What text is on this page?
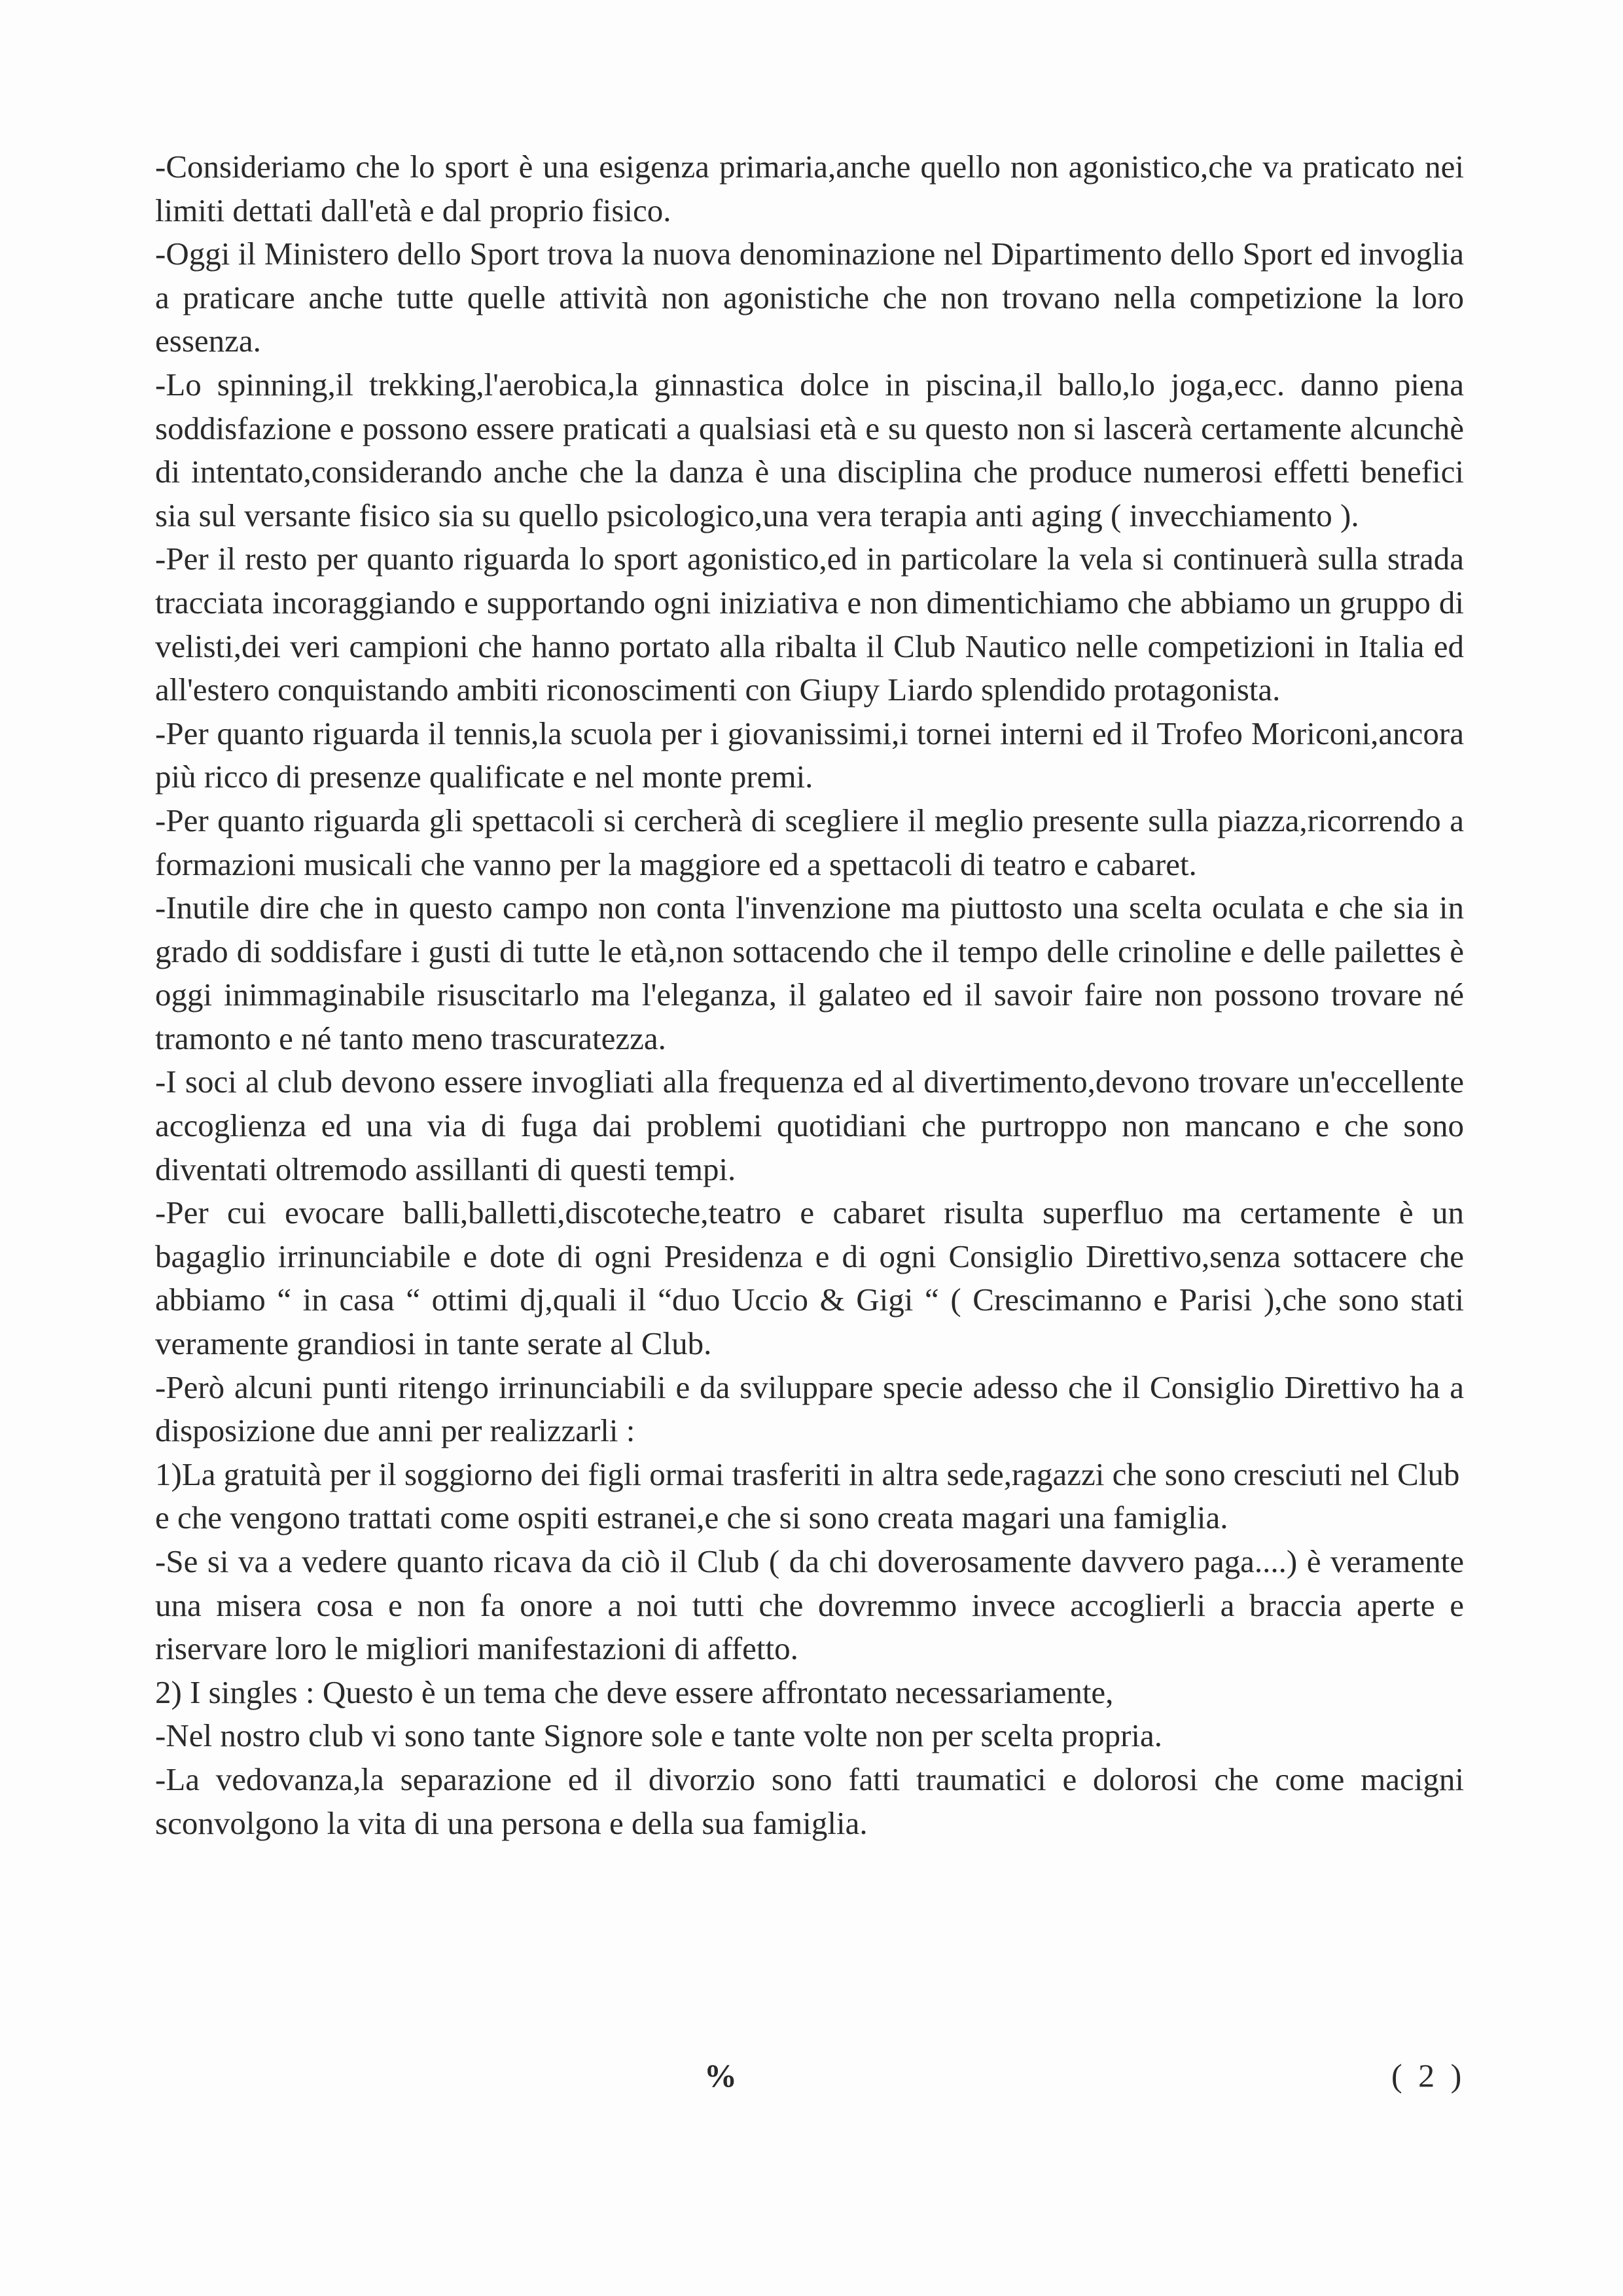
-Consideriamo che lo sport è una esigenza primaria,anche quello non agonistico,che va praticato nei limiti dettati dall'età e dal proprio fisico.

-Oggi il Ministero dello Sport trova la nuova denominazione nel Dipartimento dello Sport ed invoglia a praticare anche tutte quelle attività non agonistiche che non trovano nella competizione la loro essenza.

-Lo spinning,il trekking,l'aerobica,la ginnastica dolce in piscina,il ballo,lo joga,ecc. danno piena soddisfazione e possono essere praticati a qualsiasi età e su questo non si lascerà certamente alcunchè di intentato,considerando anche che la danza è una disciplina che produce numerosi effetti benefici sia sul versante fisico sia su quello psicologico,una vera terapia anti aging ( invecchiamento ).

-Per il resto per quanto riguarda lo sport agonistico,ed in particolare la vela si continuerà sulla strada tracciata incoraggiando e supportando ogni iniziativa e non dimentichiamo che abbiamo un gruppo di velisti,dei veri campioni che hanno portato alla ribalta il Club Nautico nelle competizioni in Italia ed all'estero conquistando ambiti riconoscimenti con Giupy Liardo splendido protagonista.

-Per quanto riguarda il tennis,la scuola per i giovanissimi,i tornei interni ed il Trofeo Moriconi,ancora più ricco di presenze qualificate e nel monte premi.

-Per quanto riguarda gli spettacoli si cercherà di scegliere il meglio presente sulla piazza,ricorrendo a formazioni musicali che vanno per la maggiore ed a spettacoli di teatro e cabaret.

-Inutile dire che in questo campo non conta l'invenzione ma piuttosto una scelta oculata e che sia in grado di soddisfare i gusti di tutte le età,non sottacendo che il tempo delle crinoline e delle pailettes è oggi inimmaginabile risuscitarlo ma l'eleganza, il galateo ed il savoir faire non possono trovare né tramonto e né tanto meno trascuratezza.

-I soci al club devono essere invogliati alla frequenza ed al divertimento,devono trovare un'eccellente accoglienza ed una via di fuga dai problemi quotidiani che purtroppo non mancano e che sono diventati oltremodo assillanti di questi tempi.

-Per cui evocare balli,balletti,discoteche,teatro e cabaret risulta superfluo ma certamente è un bagaglio irrinunciabile e dote di ogni Presidenza e di ogni Consiglio Direttivo,senza sottacere che abbiamo “ in casa “ ottimi dj,quali il “duo Uccio & Gigi “ ( Crescimanno e Parisi ),che sono stati veramente grandiosi in tante serate al Club.

-Però alcuni punti ritengo irrinunciabili e da sviluppare specie adesso che il Consiglio Direttivo ha a disposizione due anni per realizzarli :

1)La gratuità per il soggiorno dei figli ormai trasferiti in altra sede,ragazzi che sono cresciuti nel Club e che vengono trattati come ospiti estranei,e che si sono creata magari una famiglia.

-Se si va a vedere quanto ricava da ciò il Club ( da chi doverosamente davvero paga....) è veramente una misera cosa e non fa onore a noi tutti che dovremmo invece accoglierli a braccia aperte e riservare loro le migliori manifestazioni di affetto.

2) I singles : Questo è un tema che deve essere affrontato necessariamente,

-Nel nostro club vi sono tante Signore sole e tante volte non per scelta propria.

-La vedovanza,la separazione ed il divorzio sono fatti traumatici e dolorosi che come macigni sconvolgono la vita di una persona e della sua famiglia.

%	( 2 )
